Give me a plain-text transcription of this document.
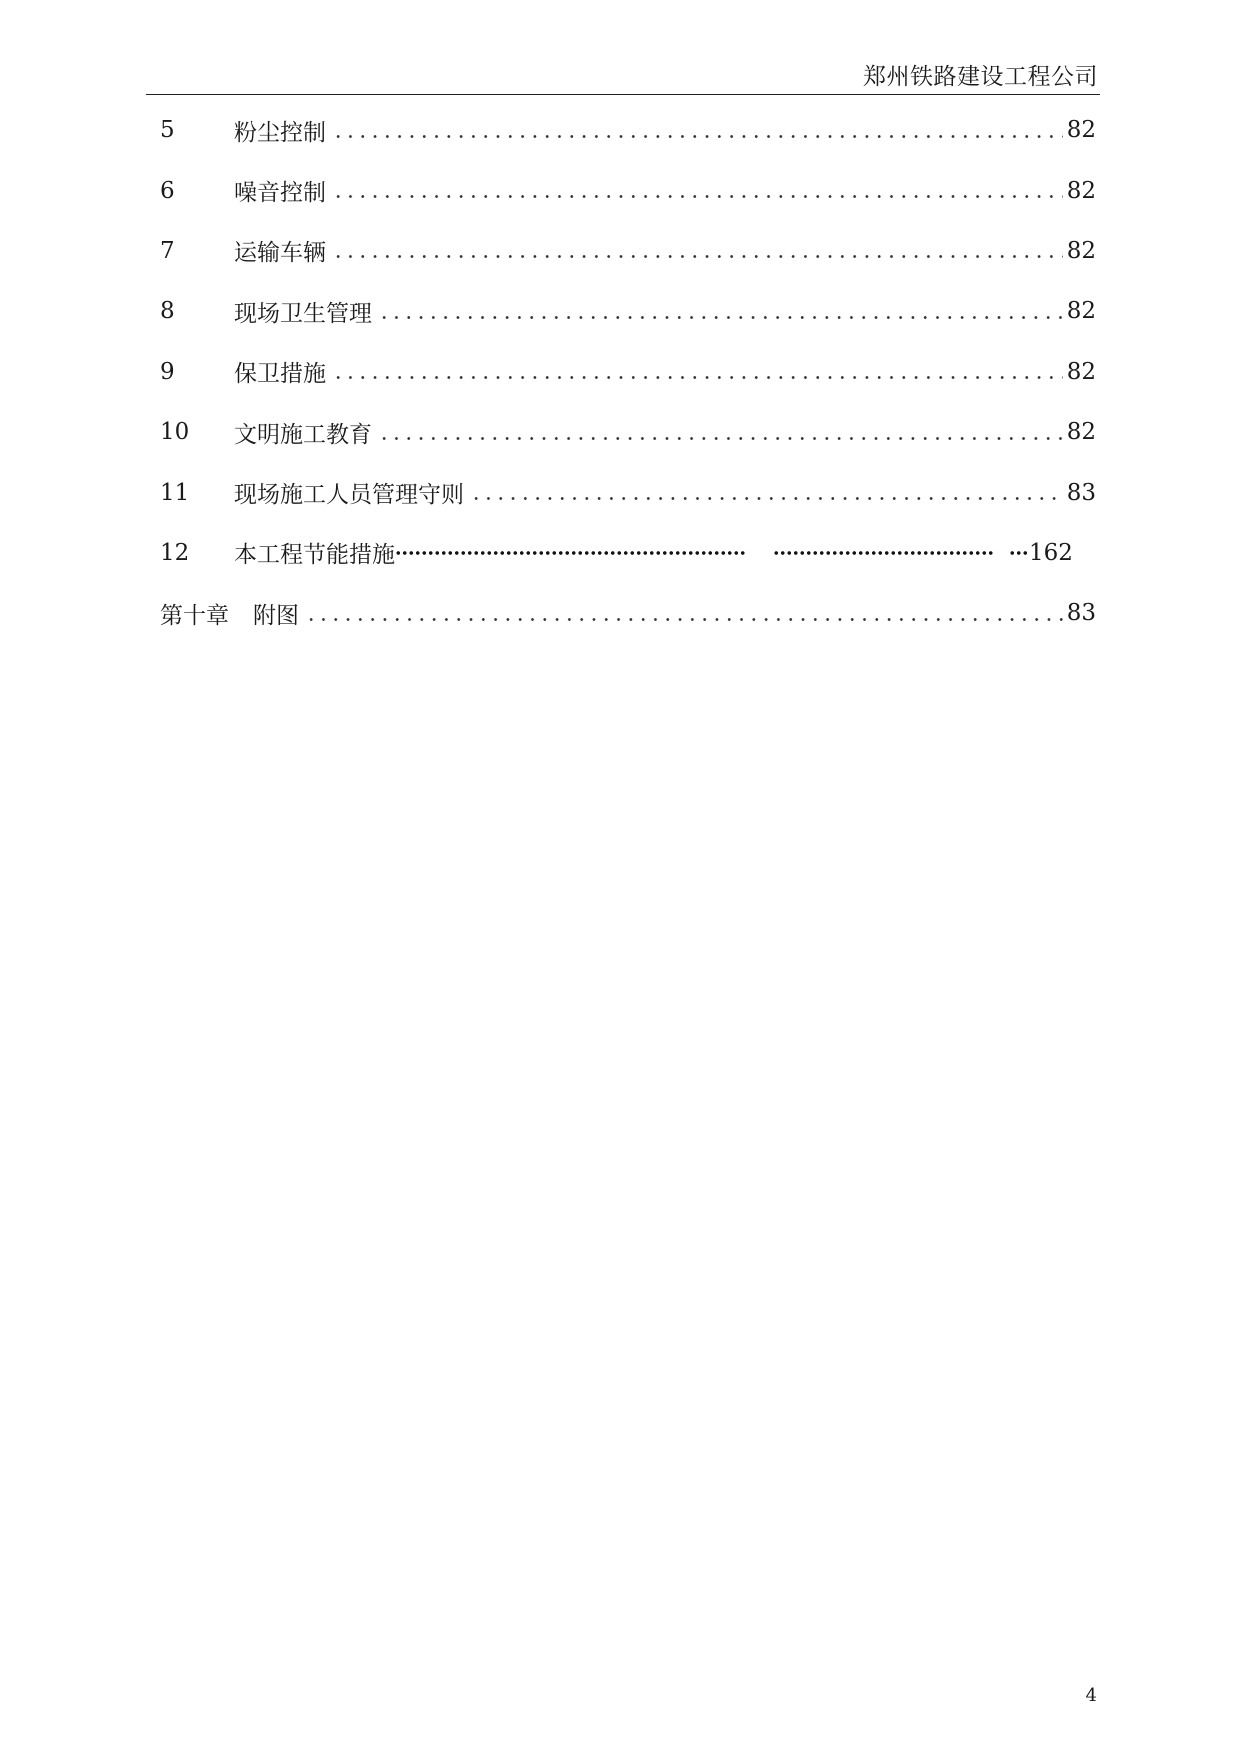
郑州铁路建设工程公司
5	粉尘控制	82
6	噪音控制	82
7	运输车辆	82
8	现场卫生管理	82
9	保卫措施	82
10	文明施工教育	82
11	现场施工人员管理守则	83
12	本工程节能措施	162
第十章	附图	83
4
